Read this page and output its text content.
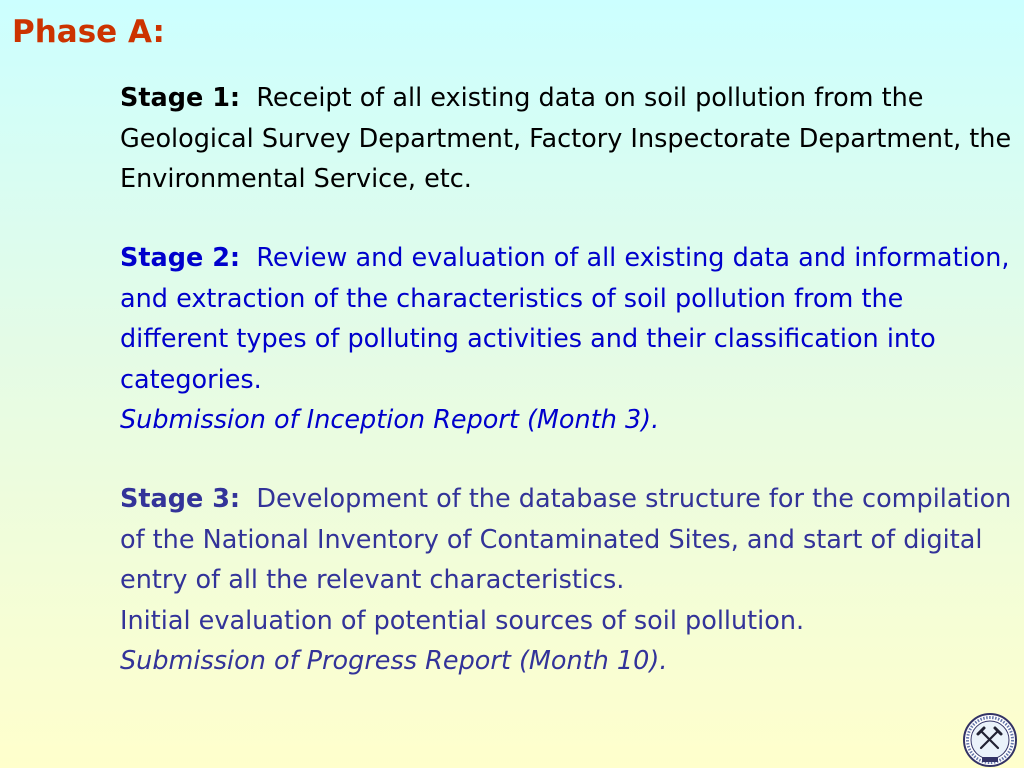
Phase A:
Stage 1: Receipt of all existing data on soil pollution from the Geological Survey Department, Factory Inspectorate Department, the Environmental Service, etc.
Stage 2: Review and evaluation of all existing data and information, and extraction of the characteristics of soil pollution from the different types of polluting activities and their classification into categories.
Submission of Inception Report (Month 3).
Stage 3: Development of the database structure for the compilation of the National Inventory of Contaminated Sites, and start of digital entry of all the relevant characteristics.
Initial evaluation of potential sources of soil pollution.
Submission of Progress Report (Month 10).
